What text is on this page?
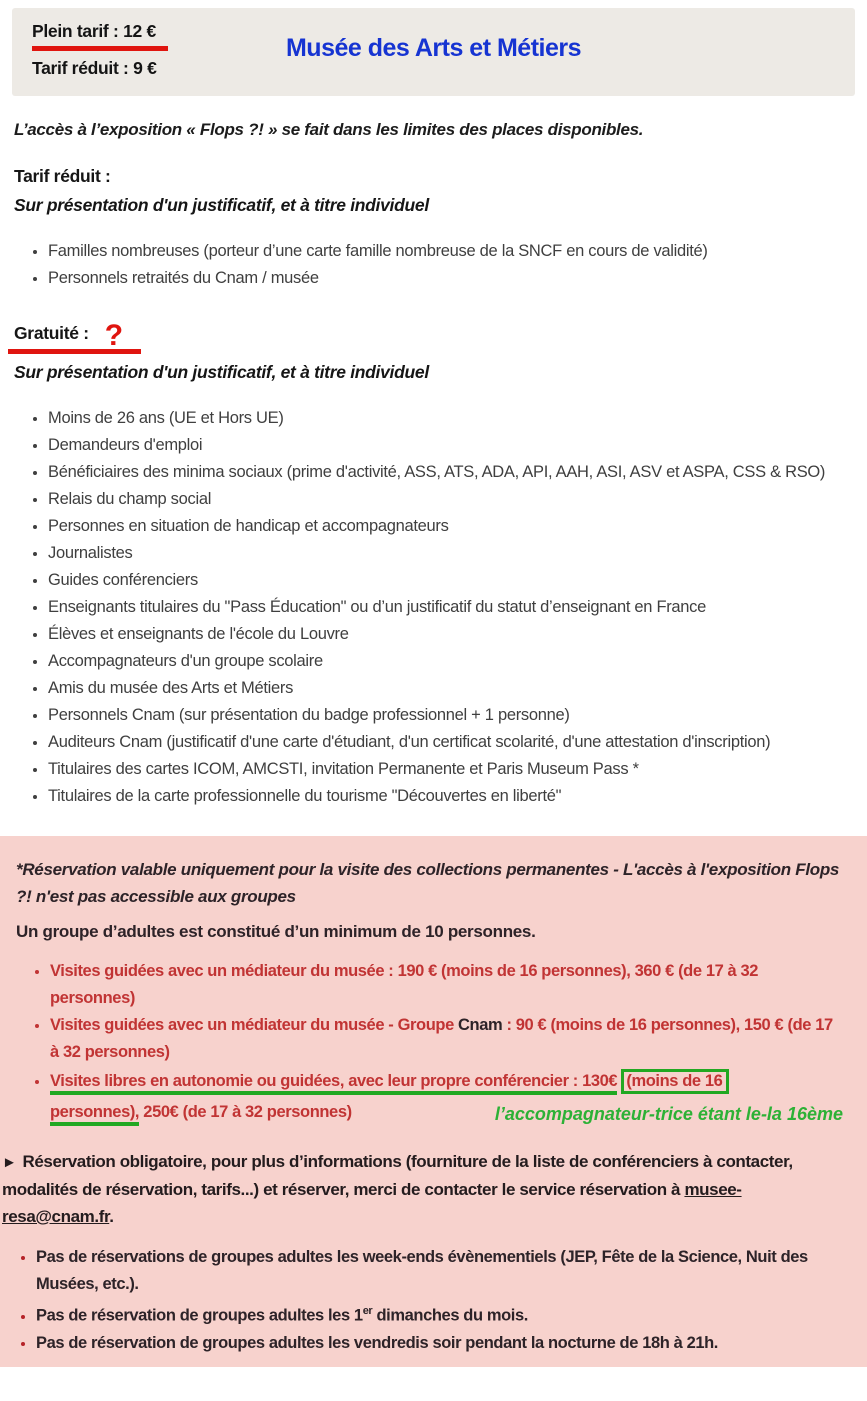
Plein tarif : 12 €
Tarif réduit : 9 €
Musée des Arts et Métiers

L’accès à l’exposition « Flops ?! » se fait dans les limites des places disponibles.

Tarif réduit :

Sur présentation d'un justificatif, et à titre individuel

• Familles nombreuses (porteur d’une carte famille nombreuse de la SNCF en cours de validité)
• Personnels retraités du Cnam / musée
Gratuité : ?

Sur présentation d'un justificatif, et à titre individuel

• Moins de 26 ans (UE et Hors UE)
• Demandeurs d'emploi
• Bénéficiaires des minima sociaux (prime d'activité, ASS, ATS, ADA, API, AAH, ASI, ASV et ASPA, CSS & RSO)
• Relais du champ social
• Personnes en situation de handicap et accompagnateurs
• Journalistes
• Guides conférenciers
• Enseignants titulaires du "Pass Éducation" ou d’un justificatif du statut d’enseignant en France
• Élèves et enseignants de l'école du Louvre
• Accompagnateurs d'un groupe scolaire
• Amis du musée des Arts et Métiers
• Personnels Cnam (sur présentation du badge professionnel + 1 personne)
• Auditeurs Cnam (justificatif d'une carte d'étudiant, d'un certificat scolarité, d'une attestation d'inscription)
• Titulaires des cartes ICOM, AMCSTI, invitation Permanente et Paris Museum Pass *
• Titulaires de la carte professionnelle du tourisme "Découvertes en liberté"

*Réservation valable uniquement pour la visite des collections permanentes - L'accès à l'exposition Flops ?! n'est pas accessible aux groupes

Un groupe d’adultes est constitué d’un minimum de 10 personnes.

• Visites guidées avec un médiateur du musée : 190 € (moins de 16 personnes), 360 € (de 17 à 32 personnes)
• Visites guidées avec un médiateur du musée - Groupe Cnam : 90 € (moins de 16 personnes), 150 € (de 17 à 32 personnes)
• Visites libres en autonomie ou guidées, avec leur propre conférencier : 130€ (moins de 16
personnes), 250€ (de 17 à 32 personnes)	l’accompagnateur-trice étant le-la 16ème

► Réservation obligatoire, pour plus d’informations (fourniture de la liste de conférenciers à contacter, modalités de réservation, tarifs...) et réserver, merci de contacter le service réservation à musee-resa@cnam.fr.

• Pas de réservations de groupes adultes les week-ends évènementiels (JEP, Fête de la Science, Nuit des Musées, etc.).
• Pas de réservation de groupes adultes les 1er dimanches du mois.
• Pas de réservation de groupes adultes les vendredis soir pendant la nocturne de 18h à 21h.
